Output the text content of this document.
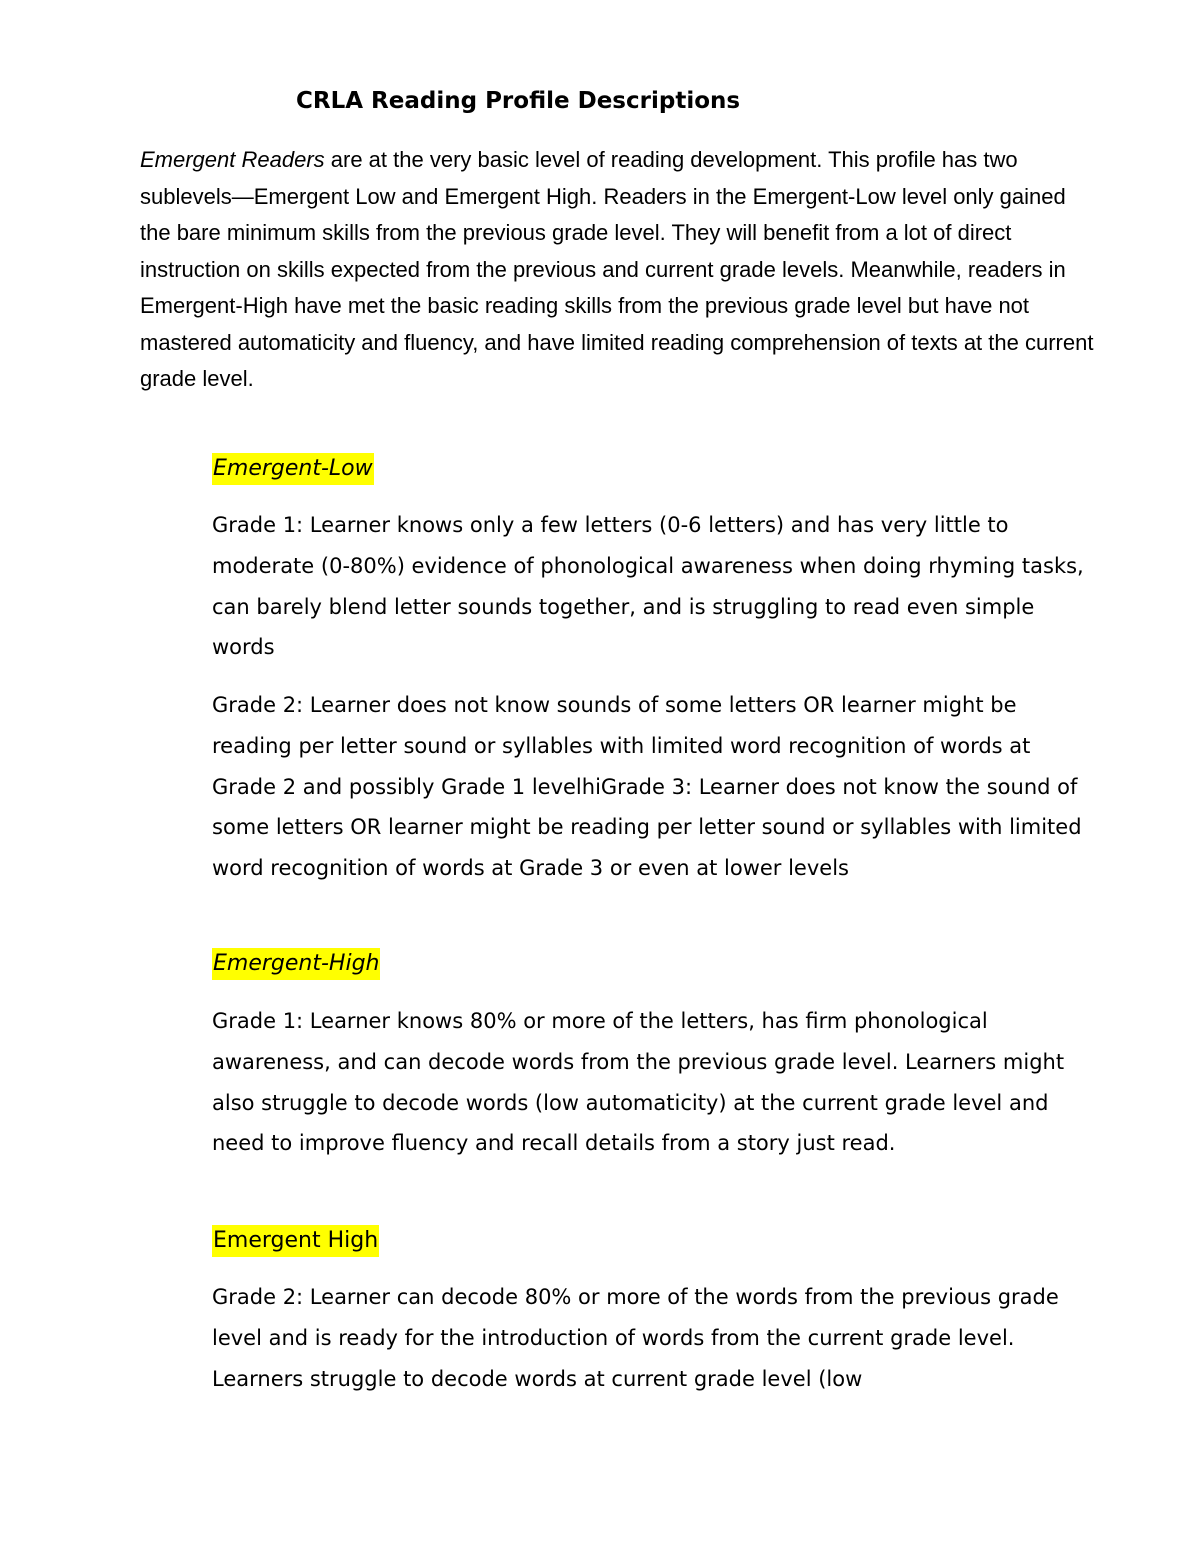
CRLA Reading Profile Descriptions

Emergent Readers are at the very basic level of reading development. This profile has two sublevels—Emergent Low and Emergent High. Readers in the Emergent-Low level only gained the bare minimum skills from the previous grade level. They will benefit from a lot of direct instruction on skills expected from the previous and current grade levels. Meanwhile, readers in Emergent-High have met the basic reading skills from the previous grade level but have not mastered automaticity and fluency, and have limited reading comprehension of texts at the current grade level.

Emergent-Low

Grade 1: Learner knows only a few letters (0-6 letters) and has very little to moderate (0-80%) evidence of phonological awareness when doing rhyming tasks, can barely blend letter sounds together, and is struggling to read even simple words

Grade 2: Learner does not know sounds of some letters OR learner might be reading per letter sound or syllables with limited word recognition of words at Grade 2 and possibly Grade 1 levelhiGrade 3: Learner does not know the sound of some letters OR learner might be reading per letter sound or syllables with limited word recognition of words at Grade 3 or even at lower levels

Emergent-High

Grade 1: Learner knows 80% or more of the letters, has firm phonological awareness, and can decode words from the previous grade level. Learners might also struggle to decode words (low automaticity) at the current grade level and need to improve fluency and recall details from a story just read.

Emergent High

Grade 2: Learner can decode 80% or more of the words from the previous grade level and is ready for the introduction of words from the current grade level. Learners struggle to decode words at current grade level (low
